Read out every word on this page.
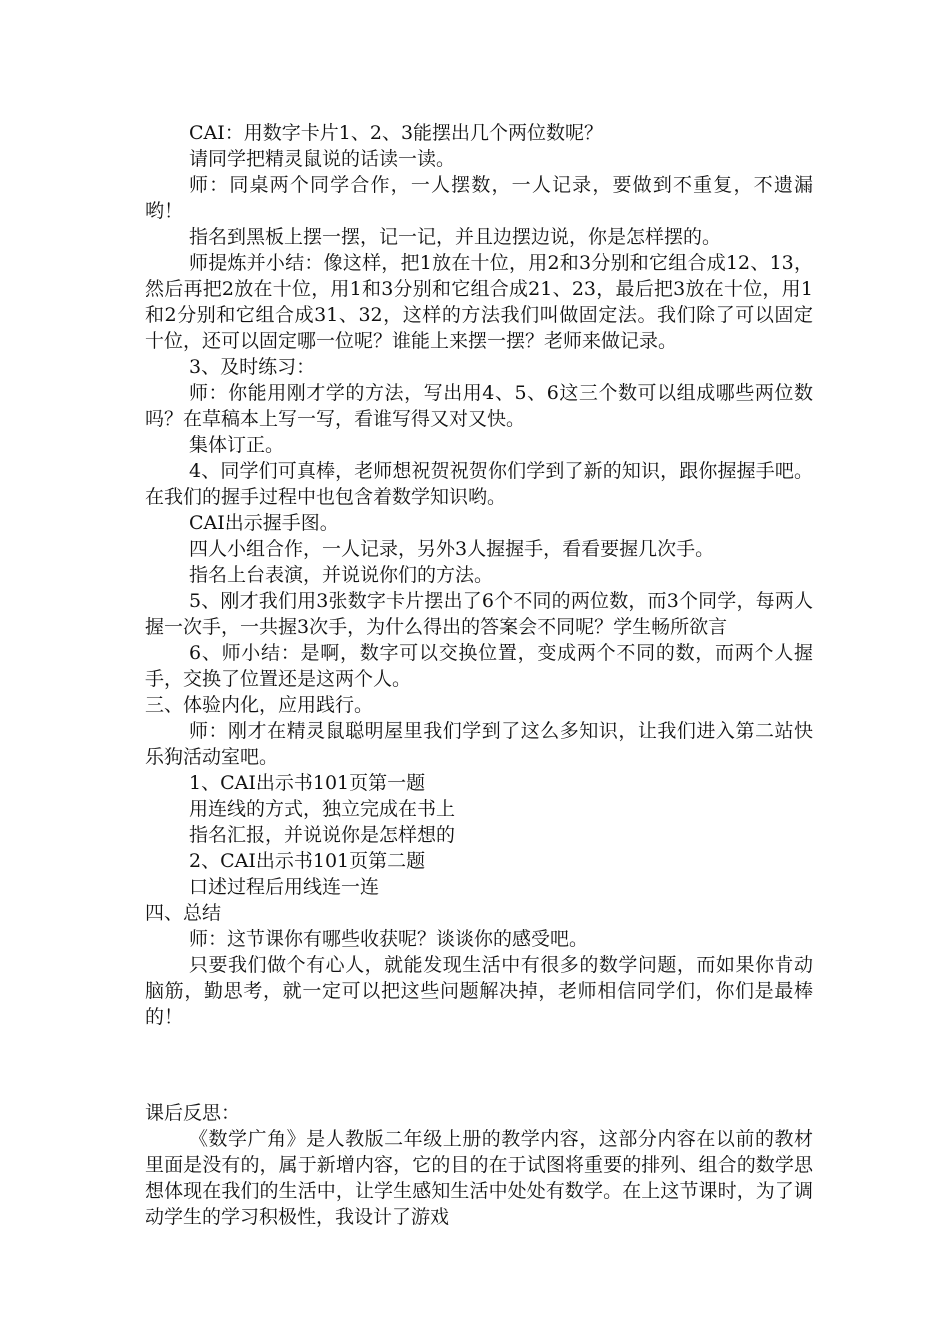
CAI：用数字卡片1、2、3能摆出几个两位数呢？

请同学把精灵鼠说的话读一读。

师：同桌两个同学合作，一人摆数，一人记录，要做到不重复，不遗漏哟！

指名到黑板上摆一摆，记一记，并且边摆边说，你是怎样摆的。

师提炼并小结：像这样，把1放在十位，用2和3分别和它组合成12、13，然后再把2放在十位，用1和3分别和它组合成21、23，最后把3放在十位，用1和2分别和它组合成31、32，这样的方法我们叫做固定法。我们除了可以固定十位，还可以固定哪一位呢？谁能上来摆一摆？老师来做记录。

3、及时练习：

师：你能用刚才学的方法，写出用4、5、6这三个数可以组成哪些两位数吗？在草稿本上写一写，看谁写得又对又快。

集体订正。

4、同学们可真棒，老师想祝贺祝贺你们学到了新的知识，跟你握握手吧。在我们的握手过程中也包含着数学知识哟。

CAI出示握手图。

四人小组合作，一人记录，另外3人握握手，看看要握几次手。

指名上台表演，并说说你们的方法。

5、刚才我们用3张数字卡片摆出了6个不同的两位数，而3个同学，每两人握一次手，一共握3次手，为什么得出的答案会不同呢？学生畅所欲言

6、师小结：是啊，数字可以交换位置，变成两个不同的数，而两个人握手，交换了位置还是这两个人。

三、体验内化，应用践行。

师：刚才在精灵鼠聪明屋里我们学到了这么多知识，让我们进入第二站快乐狗活动室吧。

1、CAI出示书101页第一题

用连线的方式，独立完成在书上

指名汇报，并说说你是怎样想的

2、CAI出示书101页第二题

口述过程后用线连一连

四、总结

师：这节课你有哪些收获呢？谈谈你的感受吧。

只要我们做个有心人，就能发现生活中有很多的数学问题，而如果你肯动脑筋，勤思考，就一定可以把这些问题解决掉，老师相信同学们，你们是最棒的！

课后反思：

《数学广角》是人教版二年级上册的教学内容，这部分内容在以前的教材里面是没有的，属于新增内容，它的目的在于试图将重要的排列、组合的数学思想体现在我们的生活中，让学生感知生活中处处有数学。在上这节课时，为了调动学生的学习积极性，我设计了游戏
